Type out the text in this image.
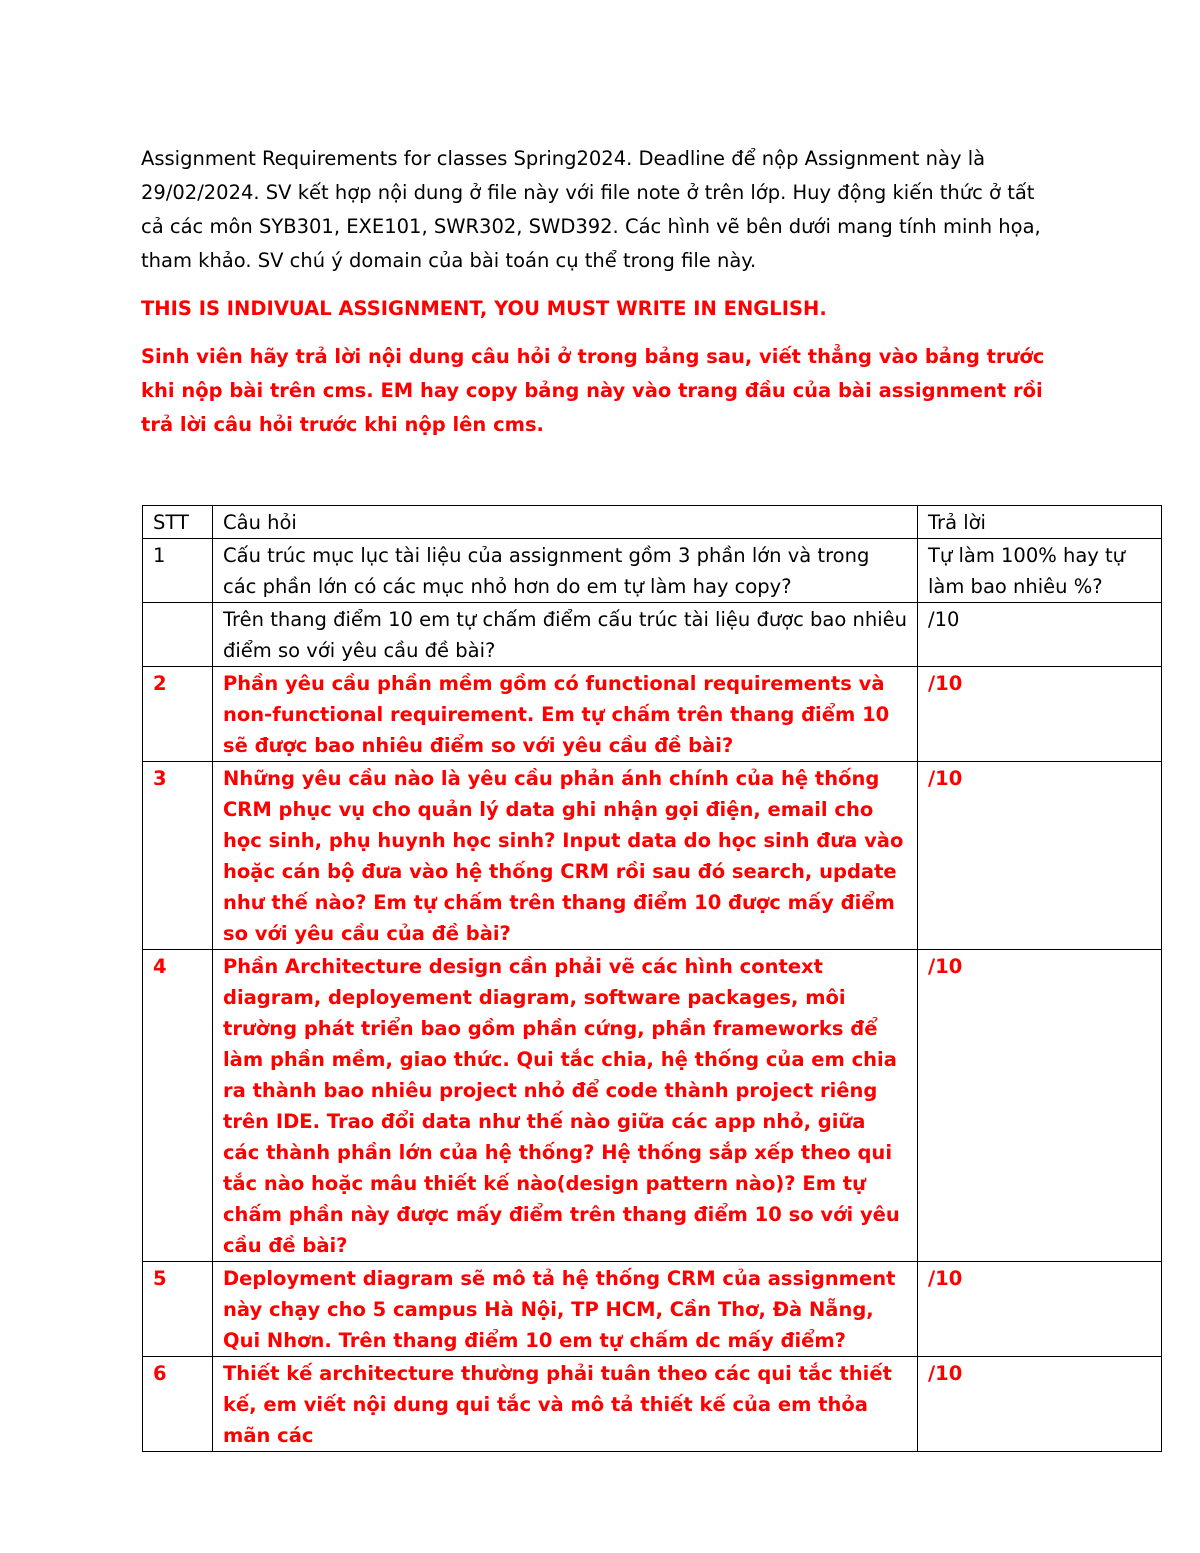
Assignment Requirements for classes Spring2024. Deadline để nộp Assignment này là 29/02/2024. SV kết hợp nội dung ở file này với file note ở trên lớp. Huy động kiến thức ở tất cả các môn SYB301, EXE101, SWR302, SWD392. Các hình vẽ bên dưới mang tính minh họa, tham khảo. SV chú ý domain của bài toán cụ thể trong file này.

THIS IS INDIVUAL ASSIGNMENT, YOU MUST WRITE IN ENGLISH.

Sinh viên hãy trả lời nội dung câu hỏi ở trong bảng sau, viết thẳng vào bảng trước khi nộp bài trên cms. EM hay copy bảng này vào trang đầu của bài assignment rồi trả lời câu hỏi trước khi nộp lên cms.

STT	Câu hỏi	Trả lời
1	Cấu trúc mục lục tài liệu của assignment gồm 3 phần lớn và trong các phần lớn có các mục nhỏ hơn do em tự làm hay copy?	Tự làm 100% hay tự làm bao nhiêu %?
	Trên thang điểm 10 em tự chấm điểm cấu trúc tài liệu được bao nhiêu điểm so với yêu cầu đề bài?	/10
2	Phần yêu cầu phần mềm gồm có functional requirements và non-functional requirement. Em tự chấm trên thang điểm 10 sẽ được bao nhiêu điểm so với yêu cầu đề bài?	/10
3	Những yêu cầu nào là yêu cầu phản ánh chính của hệ thống CRM phục vụ cho quản lý data ghi nhận gọi điện, email cho học sinh, phụ huynh học sinh? Input data do học sinh đưa vào hoặc cán bộ đưa vào hệ thống CRM rồi sau đó search, update như thế nào? Em tự chấm trên thang điểm 10 được mấy điểm so với yêu cầu của đề bài?	/10
4	Phần Architecture design cần phải vẽ các hình context diagram, deployement diagram, software packages, môi trường phát triển bao gồm phần cứng, phần frameworks để làm phần mềm, giao thức. Qui tắc chia, hệ thống của em chia ra thành bao nhiêu project nhỏ để code thành project riêng trên IDE. Trao đổi data như thế nào giữa các app nhỏ, giữa các thành phần lớn của hệ thống? Hệ thống sắp xếp theo qui tắc nào hoặc mâu thiết kế nào(design pattern nào)? Em tự chấm phần này được mấy điểm trên thang điểm 10 so với yêu cầu đề bài?	/10
5	Deployment diagram sẽ mô tả hệ thống CRM của assignment này chạy cho 5 campus Hà Nội, TP HCM, Cần Thơ, Đà Nẵng, Qui Nhơn. Trên thang điểm 10 em tự chấm dc mấy điểm?	/10
6	Thiết kế architecture thường phải tuân theo các qui tắc thiết kế, em viết nội dung qui tắc và mô tả thiết kế của em thỏa mãn các	/10
